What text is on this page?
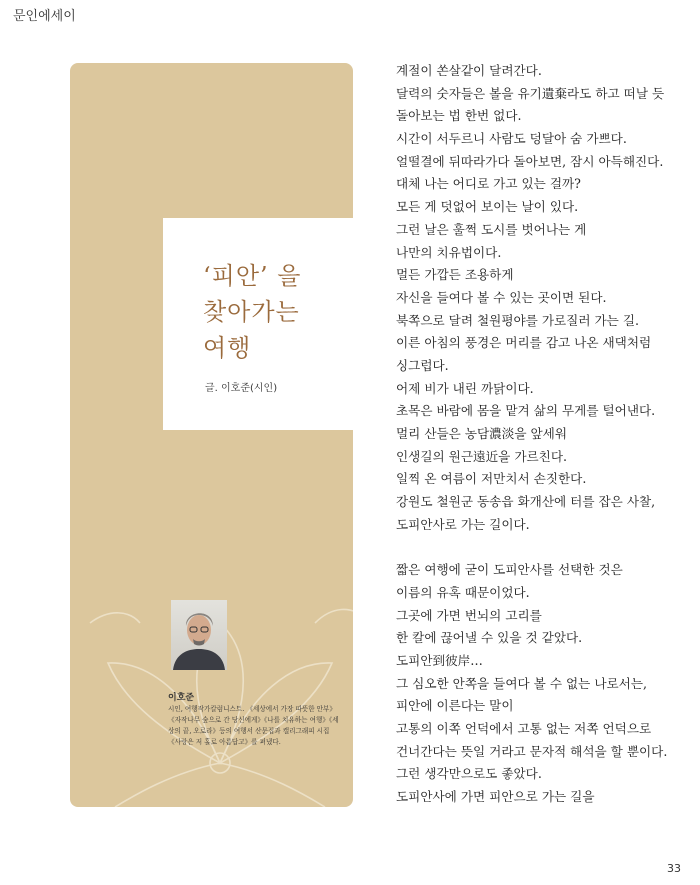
문인에세이
‘피안’ 을
찾아가는
여행
글. 이호준(시인)
이호준
시인, 여행작가칼럼니스트. 《세상에서 가장 따뜻한 안부》《자작나무 숲으로 간 당신에게》《나를 치유하는 여행》《세상의 끝, 오로라》등의 여행서 산문집과 캘리그래피 시집《사랑은 저 홀로 아름답고》를 펴냈다.
계절이 쏜살같이 달려간다.
달력의 숫자들은 볼을 유기遺棄라도 하고 떠날 듯
돌아보는 법 한번 없다.
시간이 서두르니 사람도 덩달아 숨 가쁘다.
얼떨결에 뒤따라가다 돌아보면, 잠시 아득해진다.
대체 나는 어디로 가고 있는 걸까?
모든 게 덧없어 보이는 날이 있다.
그런 날은 훌쩍 도시를 벗어나는 게
나만의 치유법이다.
멀든 가깝든 조용하게
자신을 들여다 볼 수 있는 곳이면 된다.
북쪽으로 달려 철원평야를 가로질러 가는 길.
이른 아침의 풍경은 머리를 감고 나온 새댁처럼
싱그럽다.
어제 비가 내린 까닭이다.
초목은 바람에 몸을 맡겨 삶의 무게를 털어낸다.
멀리 산들은 농담濃淡을 앞세워
인생길의 원근遠近을 가르친다.
일찍 온 여름이 저만치서 손짓한다.
강원도 철원군 동송읍 화개산에 터를 잡은 사찰,
도피안사로 가는 길이다.
짧은 여행에 굳이 도피안사를 선택한 것은
이름의 유혹 때문이었다.
그곳에 가면 번뇌의 고리를
한 칼에 끊어낼 수 있을 것 같았다.
도피안到彼岸…
그 심오한 안쪽을 들여다 볼 수 없는 나로서는,
피안에 이른다는 말이
고통의 이쪽 언덕에서 고통 없는 저쪽 언덕으로
건너간다는 뜻일 거라고 문자적 해석을 할 뿐이다.
그런 생각만으로도 좋았다.
도피안사에 가면 피안으로 가는 길을
33
